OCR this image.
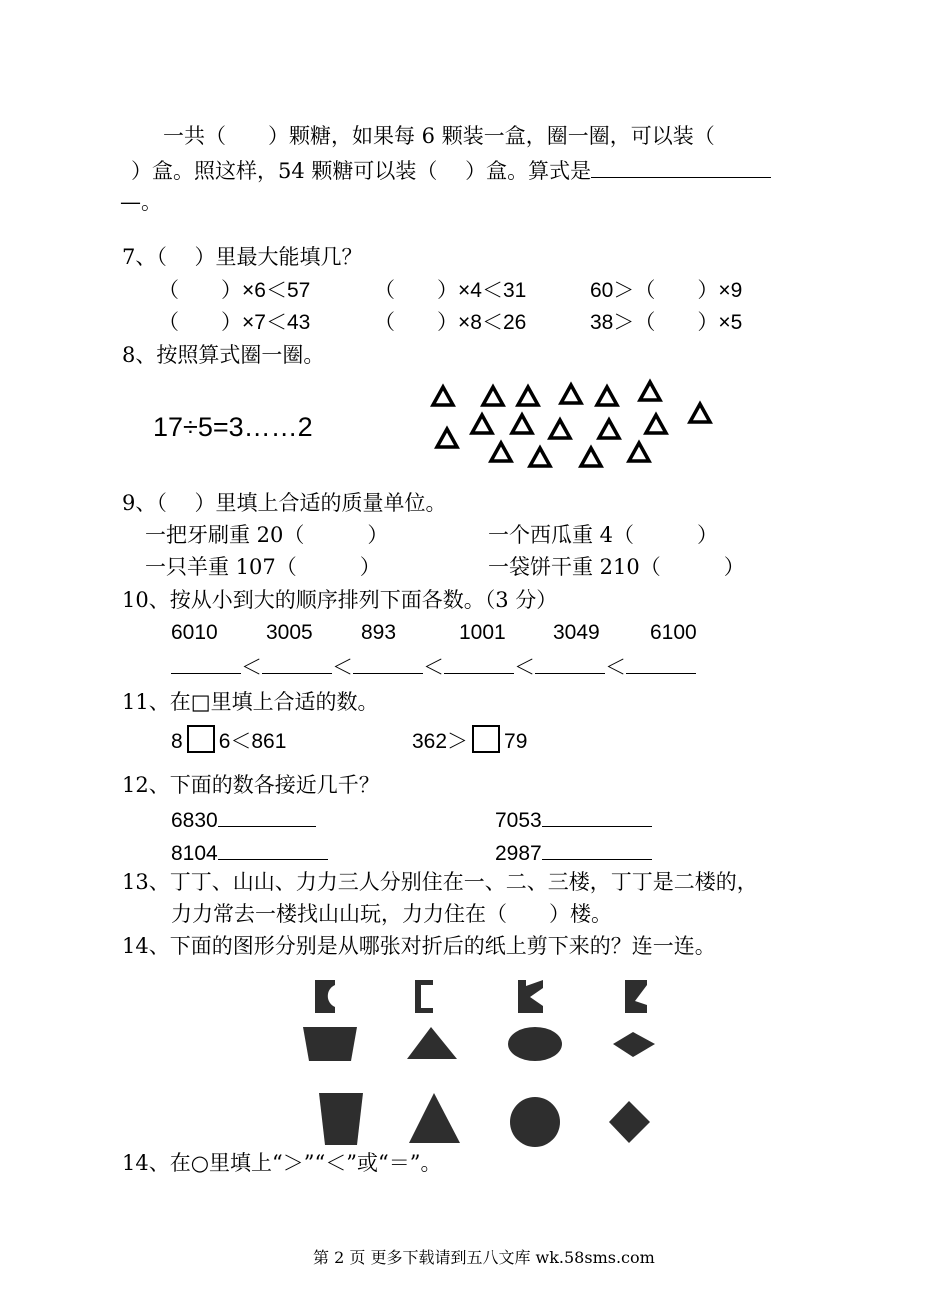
一共（　　）颗糖，如果每 6 颗装一盒，圈一圈，可以装（
）盒。照这样，54 颗糖可以装（　 ）盒。算式是
—。
7、（　 ）里最大能填几？
（　　）×6＜57	（　　）×4＜31	60＞（　　）×9
（　　）×7＜43	（　　）×8＜26	38＞（　　）×5
8、按照算式圈一圈。
17÷5=3……2
9、（　 ）里填上合适的质量单位。
一把牙刷重 20（　　　）	一个西瓜重 4（　　　）
一只羊重 107（　　　）	一袋饼干重 210（　　　）
10、按从小到大的顺序排列下面各数。（3 分）
6010 3005 893	1001 3049 6100
＜	＜	＜	＜	＜
11、在□里填上合适的数。
8 6＜861	362＞ 79
12、下面的数各接近几千？
6830	7053
8104	2987
13、丁丁、山山、力力三人分别住在一、二、三楼，丁丁是二楼的，
力力常去一楼找山山玩，力力住在（　　）楼。
14、下面的图形分别是从哪张对折后的纸上剪下来的？连一连。
14、在○里填上“＞”“＜”或“＝”。
第 2 页 更多下载请到五八文库 wk.58sms.com
